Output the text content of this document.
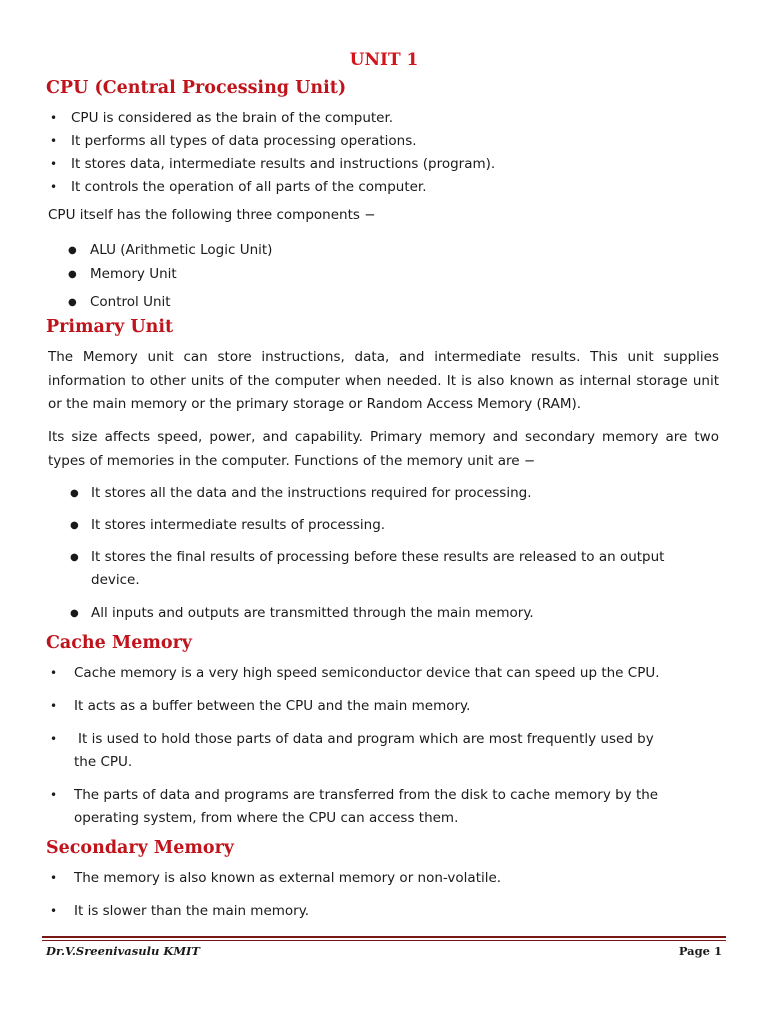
UNIT 1
CPU (Central Processing Unit)
• CPU is considered as the brain of the computer.
• It performs all types of data processing operations.
• It stores data, intermediate results and instructions (program).
• It controls the operation of all parts of the computer.
CPU itself has the following three components −
● ALU (Arithmetic Logic Unit)
● Memory Unit
● Control Unit
Primary Unit

The Memory unit can store instructions, data, and intermediate results. This unit supplies information to other units of the computer when needed. It is also known as internal storage unit or the main memory or the primary storage or Random Access Memory (RAM).

Its size affects speed, power, and capability. Primary memory and secondary memory are two types of memories in the computer. Functions of the memory unit are −

● It stores all the data and the instructions required for processing.
● It stores intermediate results of processing.
● It stores the final results of processing before these results are released to an output
device.
● All inputs and outputs are transmitted through the main memory.
Cache Memory
• Cache memory is a very high speed semiconductor device that can speed up the CPU.
• It acts as a buffer between the CPU and the main memory.
• It is used to hold those parts of data and program which are most frequently used by
the CPU.
• The parts of data and programs are transferred from the disk to cache memory by the
operating system, from where the CPU can access them.
Secondary Memory
• The memory is also known as external memory or non-volatile.
• It is slower than the main memory.
Dr.V.Sreenivasulu KMIT	Page 1
